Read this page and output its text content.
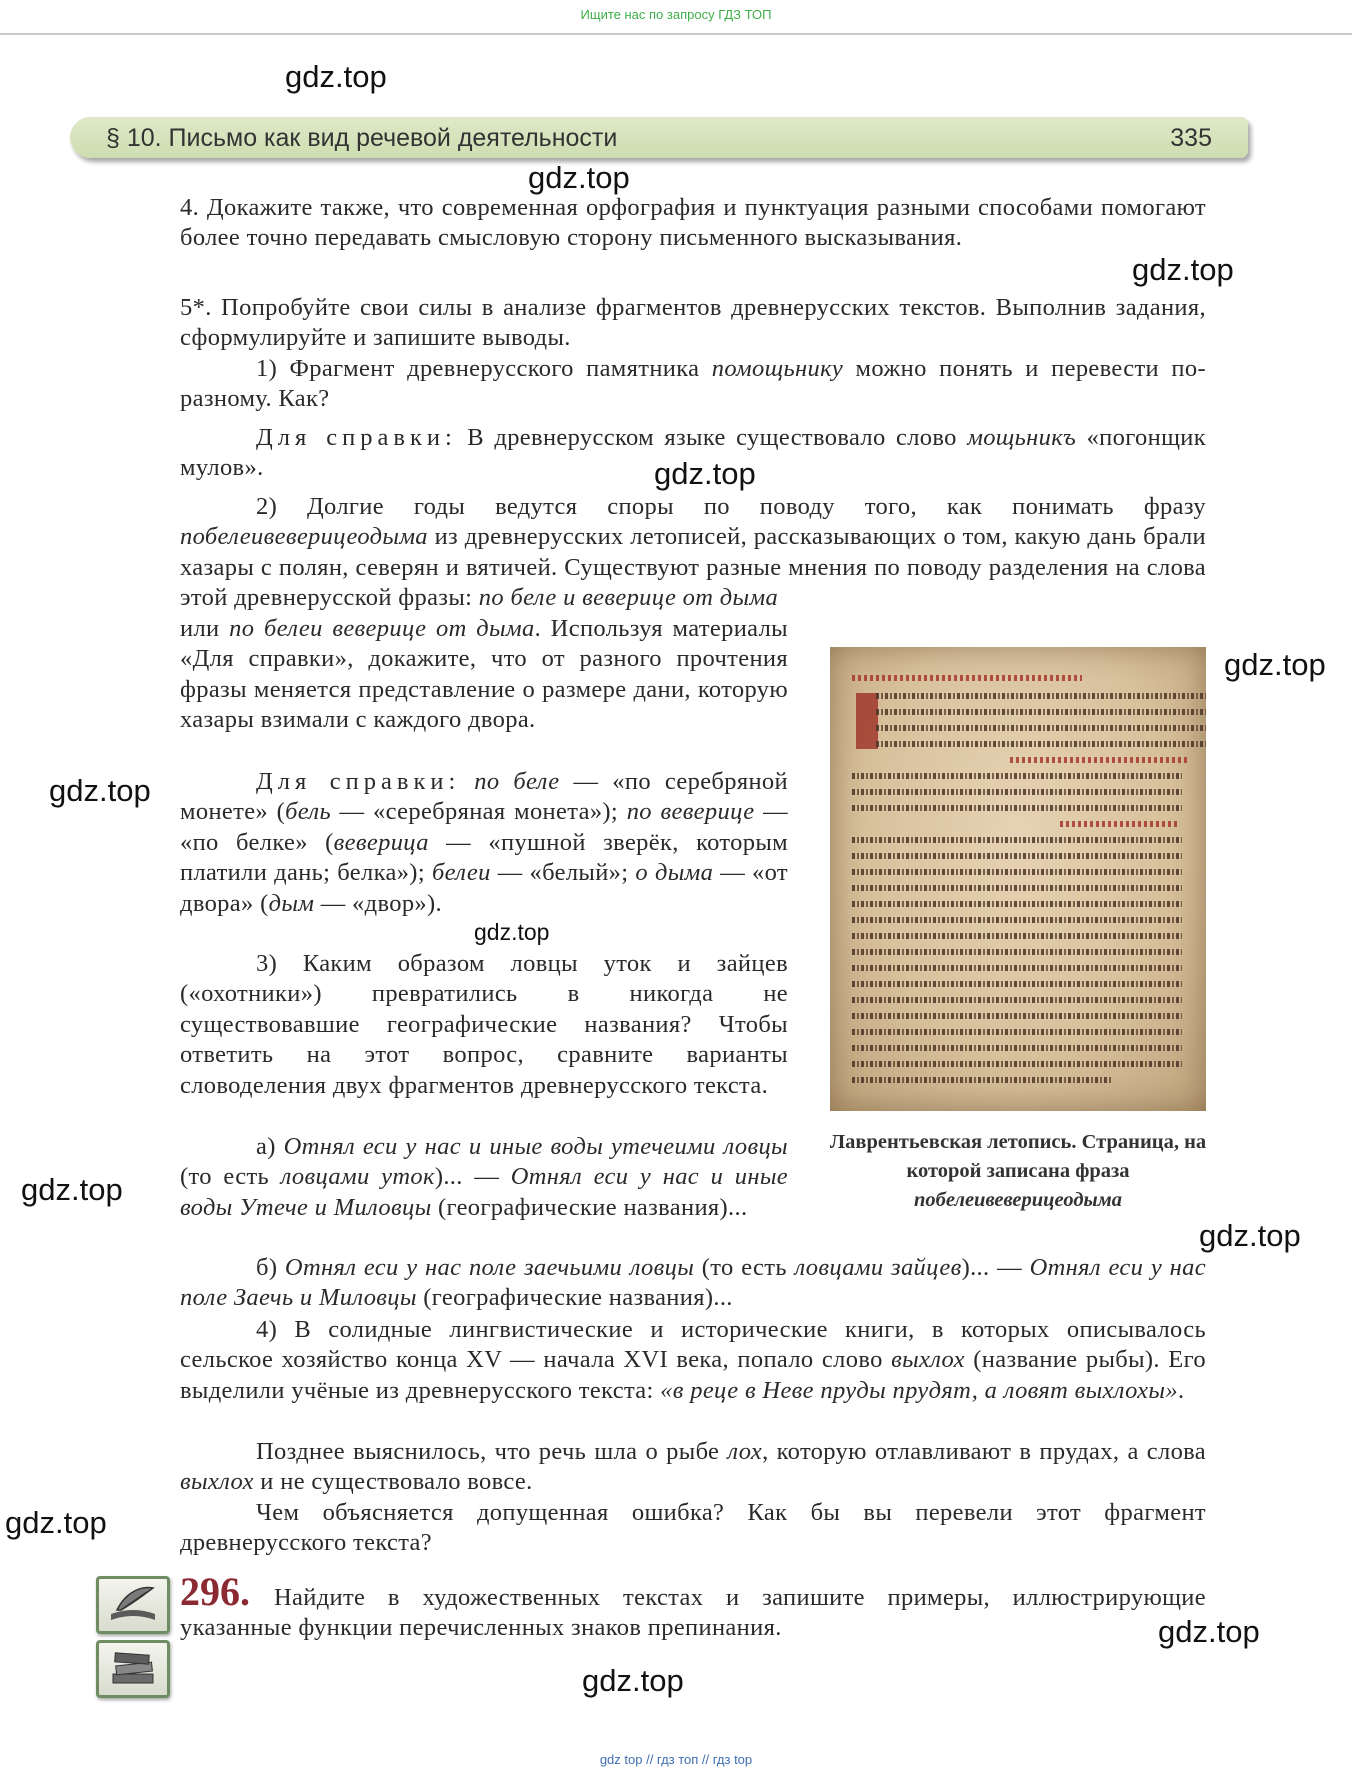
Ищите нас по запросу ГДЗ ТОП
gdz.top
§ 10. Письмо как вид речевой деятельности	335
gdz.top

4. Докажите также, что современная орфография и пунктуация разными способами помогают более точно передавать смысловую сторону письменного высказывания.

gdz.top

5*. Попробуйте свои силы в анализе фрагментов древнерусских текстов. Выполнив задания, сформулируйте и запишите выводы.

1) Фрагмент древнерусского памятника помощьнику можно понять и перевести по-разному. Как?

Для справки: В древнерусском языке существовало слово мощьникъ «погонщик мулов».	gdz.top

2) Долгие годы ведутся споры по поводу того, как понимать фразу побелеивеверицеодыма из древнерусских летописей, рассказывающих о том, какую дань брали хазары с полян, северян и вятичей. Существуют разные мнения по поводу разделения на слова этой древнерусской фразы: по беле и веверице от дыма

gdz.top

или по белеи веверице от дыма. Используя материалы «Для справки», докажите, что от разного прочтения фразы меняется представление о размере дани, которую хазары взимали с каждого двора.

gdz.top	Для справки: по беле — «по серебряной монете» (бель — «серебряная монета»); по веверице — «по белке» (веверица — «пушной зверёк, которым платили дань; белка»); белеи — «белый»; о дыма — «от двора» (дым — «двор»).

gdz.top

3) Каким образом ловцы уток и зайцев («охотники») превратились в никогда не существовавшие географические названия? Чтобы ответить на этот вопрос, сравните варианты словоделения двух фрагментов древнерусского текста.

а) Отнял еси у нас и иные воды утечеими ловцы (то есть ловцами уток)... — Отнял еси у нас и иные воды Утече и Миловцы (географические названия)...

Лаврентьевская летопись. Страница, на которой записана фраза
побелеивеверицеодыма
gdz.top
gdz.top

б) Отнял еси у нас поле заечьими ловцы (то есть ловцами зайцев)... — Отнял еси у нас поле Заечь и Миловцы (географические названия)...

4) В солидные лингвистические и исторические книги, в которых описывалось сельское хозяйство конца XV — начала XVI века, попало слово выхлох (название рыбы). Его выделили учёные из древнерусского текста: «в реце в Неве пруды прудят, а ловят выхлохы».

Позднее выяснилось, что речь шла о рыбе лох, которую отлавливают в прудах, а слова выхлох и не существовало вовсе.

gdz.top	Чем объясняется допущенная ошибка? Как бы вы перевели этот фрагмент древнерусского текста?

296. Найдите в художественных текстах и запишите примеры, иллюстрирующие указанные функции перечисленных знаков препинания.	gdz.top
gdz.top
gdz top // гдз топ // гдз top
